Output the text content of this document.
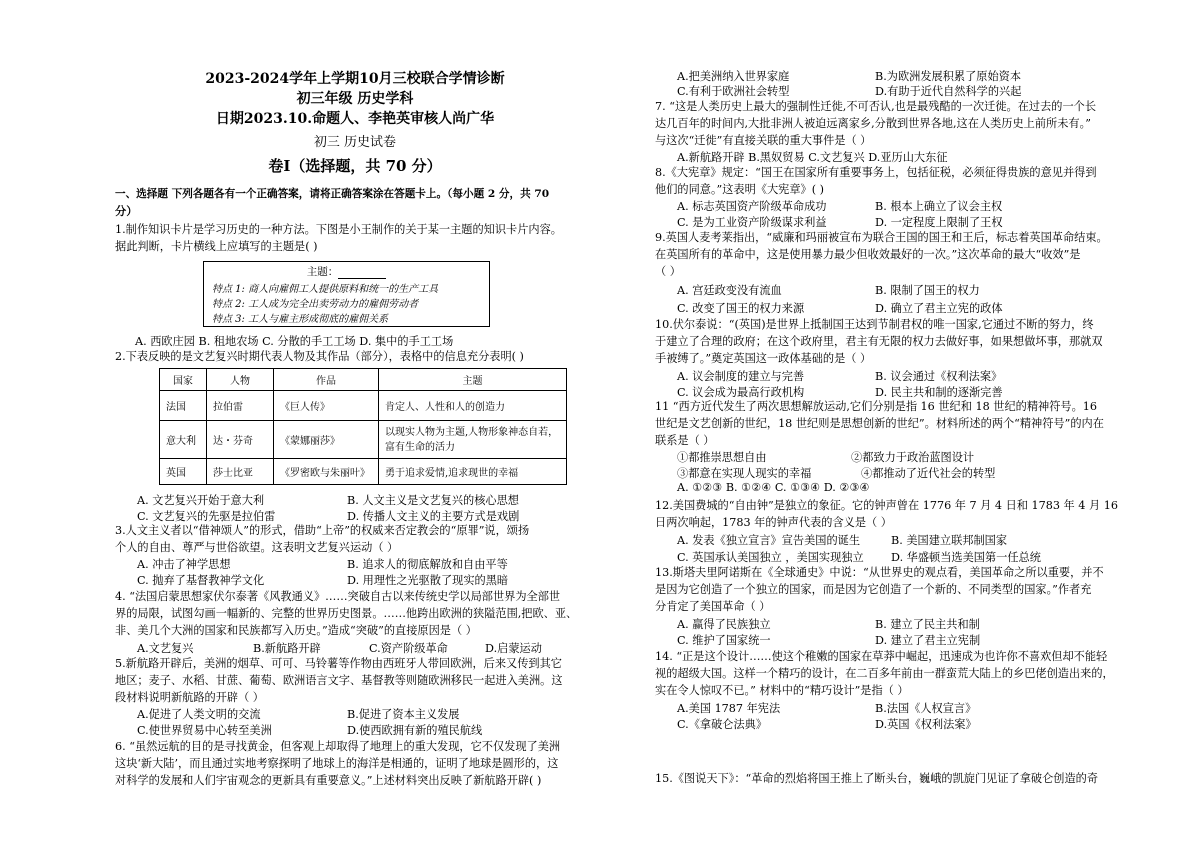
2023-2024学年上学期10月三校联合学情诊断
初三年级 历史学科
日期2023.10.命题人、李艳英审核人尚广华
初三 历史试卷
卷Ⅰ（选择题，共 70 分）
一、选择题 下列各题各有一个正确答案，请将正确答案涂在答题卡上。（每小题 2 分，共 70
分）
1.制作知识卡片是学习历史的一种方法。下图是小王制作的关于某一主题的知识卡片内容。
据此判断，卡片横线上应填写的主题是( )
主题：
特点 1: 商人向雇佣工人提供原料和统一的生产工具
特点 2: 工人成为完全出卖劳动力的雇佣劳动者
特点 3: 工人与雇主形成彻底的雇佣关系
A. 西欧庄园 B. 租地农场 C. 分散的手工工场 D. 集中的手工工场
2.下表反映的是文艺复兴时期代表人物及其作品（部分），表格中的信息充分表明( )
国家	人物	作品	主题
法国	拉伯雷	《巨人传》	肯定人、人性和人的创造力
意大利	达・芬奇	《蒙娜丽莎》	以现实人物为主题,人物形象神态自若，富有生命的活力
英国	莎士比亚	《罗密欧与朱丽叶》	勇于追求爱情,追求现世的幸福
A. 文艺复兴开始于意大利	B. 人文主义是文艺复兴的核心思想
C. 文艺复兴的先驱是拉伯雷	D. 传播人文主义的主要方式是戏剧
3.人文主义者以“借神颂人”的形式，借助“上帝”的权威来否定教会的“原罪”说，颂扬
个人的自由、尊严与世俗欲望。这表明文艺复兴运动（ ）
A. 冲击了神学思想	B. 追求人的彻底解放和自由平等
C. 抛弃了基督教神学文化	D. 用理性之光驱散了现实的黑暗
4. “法国启蒙思想家伏尔泰著《风教通义》……突破自古以来传统史学以局部世界为全部世
界的局限，试图勾画一幅新的、完整的世界历史图景。……他跨出欧洲的狭隘范围,把欧、亚、
非、美几个大洲的国家和民族都写入历史。”造成“突破”的直接原因是（ ）
A.文艺复兴	B.新航路开辟	C.资产阶级革命	D.启蒙运动
5.新航路开辟后，美洲的烟草、可可、马铃薯等作物由西班牙人带回欧洲，后来又传到其它
地区；麦子、水稻、甘蔗、葡萄、欧洲语言文字、基督教等则随欧洲移民一起进入美洲。这
段材料说明新航路的开辟（ ）
A.促进了人类文明的交流	B.促进了资本主义发展
C.使世界贸易中心转至美洲	D.使西欧拥有新的殖民航线
6. “虽然远航的目的是寻找黄金，但客观上却取得了地理上的重大发现，它不仅发现了美洲
这块‘新大陆’，而且通过实地考察探明了地球上的海洋是相通的，证明了地球是圆形的，这
对科学的发展和人们宇宙观念的更新具有重要意义。”上述材料突出反映了新航路开辟( )
A.把美洲纳入世界家庭	B.为欧洲发展积累了原始资本
C.有利于欧洲社会转型	D.有助于近代自然科学的兴起
7. “这是人类历史上最大的强制性迁徙,不可否认,也是最残酷的一次迁徙。在过去的一个长
达几百年的时间内,大批非洲人被迫远离家乡,分散到世界各地,这在人类历史上前所未有。”
与这次“迁徙”有直接关联的重大事件是（ ）
A.新航路开辟 B.黑奴贸易 C.文艺复兴 D.亚历山大东征
8.《大宪章》规定：“国王在国家所有重要事务上，包括征税，必须征得贵族的意见并得到
他们的同意。”这表明《大宪章》( )
A. 标志英国资产阶级革命成功	B. 根本上确立了议会主权
C. 是为工业资产阶级谋求利益	D. 一定程度上限制了王权
9.英国人麦考莱指出，“威廉和玛丽被宣布为联合王国的国王和王后，标志着英国革命结束。
在英国所有的革命中，这是使用暴力最少但收效最好的一次。”这次革命的最大“收效”是
（ ）
A. 宫廷政变没有流血	B. 限制了国王的权力
C. 改变了国王的权力来源	D. 确立了君主立宪的政体
10.伏尔泰说：“(英国)是世界上抵制国王达到节制君权的唯一国家,它通过不断的努力，终
于建立了合理的政府；在这个政府里，君主有无限的权力去做好事，如果想做坏事，那就双
手被缚了。”奠定英国这一政体基础的是（ ）
A. 议会制度的建立与完善	B. 议会通过《权利法案》
C. 议会成为最高行政机构	D. 民主共和制的逐渐完善
11 “西方近代发生了两次思想解放运动,它们分别是指 16 世纪和 18 世纪的精神符号。16
世纪是文艺创新的世纪，18 世纪则是思想创新的世纪”。材料所述的两个“精神符号”的内在
联系是（ ）
①都推崇思想自由	②都致力于政治蓝图设计
③都意在实现人现实的幸福	④都推动了近代社会的转型
A. ①②③ B. ①②④ C. ①③④ D. ②③④
12.美国费城的“自由钟”是独立的象征。它的钟声曾在 1776 年 7 月 4 日和 1783 年 4 月 16
日两次响起，1783 年的钟声代表的含义是（ ）
A. 发表《独立宣言》宣告美国的诞生	B. 美国建立联邦制国家
C. 英国承认美国独立 ，美国实现独立 D. 华盛顿当选美国第一任总统
13.斯塔夫里阿诺斯在《全球通史》中说：“从世界史的观点看，美国革命之所以重要，并不
是因为它创造了一个独立的国家，而是因为它创造了一个新的、不同类型的国家。”作者充
分肯定了美国革命（ ）
A. 赢得了民族独立	B. 建立了民主共和制
C. 维护了国家统一	D. 建立了君主立宪制
14. “正是这个设计……使这个稚嫩的国家在草莽中崛起，迅速成为也许你不喜欢但却不能轻
视的超级大国。这样一个精巧的设计，在二百多年前由一群蛮荒大陆上的乡巴佬创造出来的，
实在令人惊叹不已。” 材料中的“精巧设计”是指（ ）
A.美国 1787 年宪法	B.法国《人权宣言》
C.《拿破仑法典》	D.英国《权利法案》
15.《图说天下》：“革命的烈焰将国王推上了断头台，巍峨的凯旋门见证了拿破仑创造的奇
